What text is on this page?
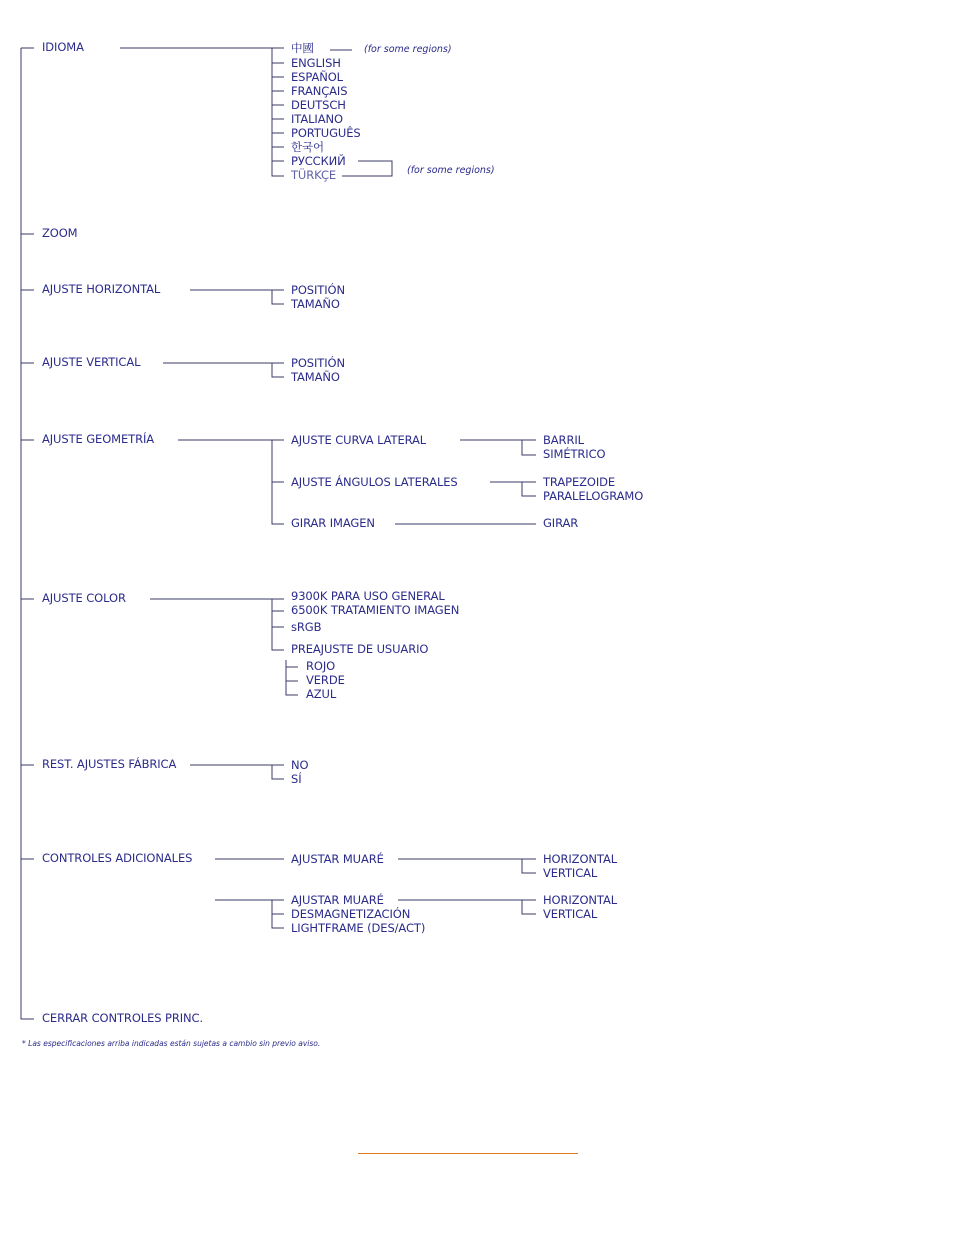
IDIOMA
ZOOM
AJUSTE HORIZONTAL
AJUSTE VERTICAL
AJUSTE GEOMETRÍA
AJUSTE COLOR
REST. AJUSTES FÁBRICA
CONTROLES ADICIONALES
CERRAR CONTROLES PRINC.
中國
ENGLISH
ESPAÑOL
FRANÇAIS
DEUTSCH
ITALIANO
PORTUGUÊS
한국어
РУССКИЙ
TÜRKÇE
(for some regions)
(for some regions)
POSITIÓN
TAMAÑO
POSITIÓN
TAMAÑO
AJUSTE CURVA LATERAL	BARRIL
SIMÉTRICO
AJUSTE ÁNGULOS LATERALES	TRAPEZOIDE
PARALELOGRAMO
GIRAR IMAGEN	GIRAR
9300K PARA USO GENERAL
6500K TRATAMIENTO IMAGEN
sRGB
PREAJUSTE DE USUARIO
ROJO
VERDE
AZUL
NO
SÍ
AJUSTAR MUARÉ	HORIZONTAL
VERTICAL
AJUSTAR MUARÉ
DESMAGNETIZACIÓN
LIGHTFRAME (DES/ACT)
HORIZONTAL
VERTICAL
* Las especificaciones arriba indicadas están sujetas a cambio sin previo aviso.
